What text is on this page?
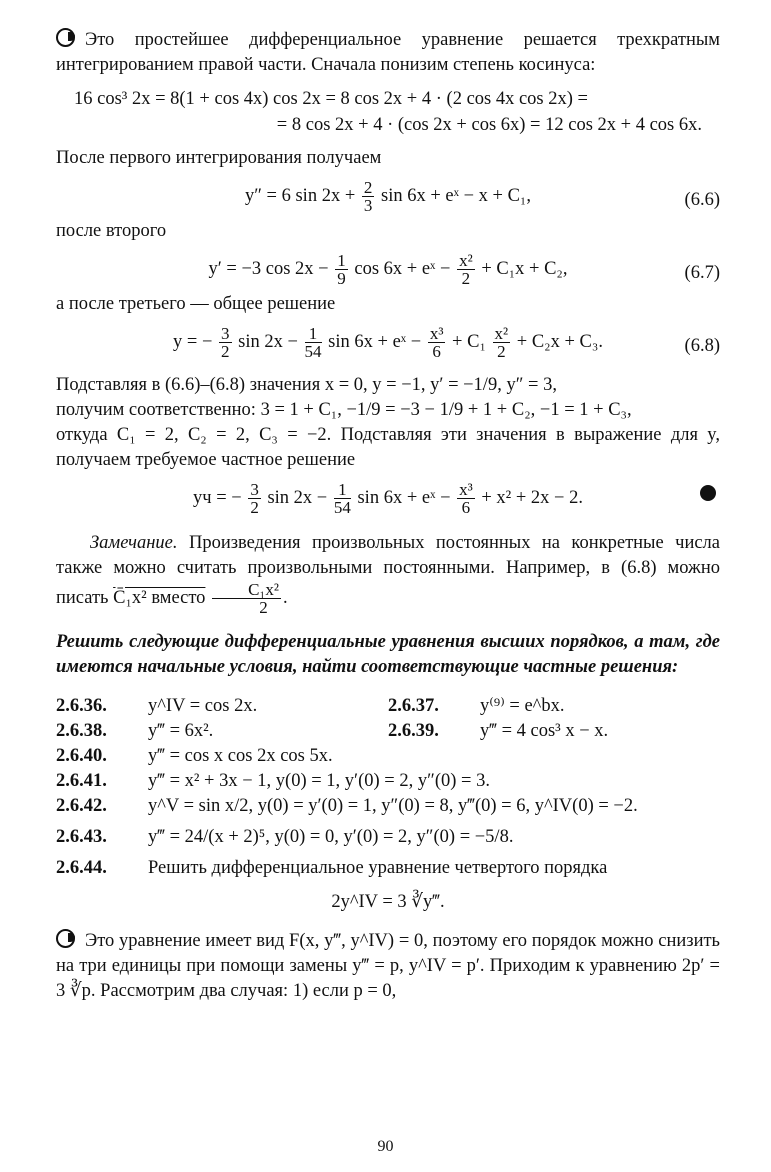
Это простейшее дифференциальное уравнение решается трехкратным интегрированием правой части. Сначала понизим степень косинуса:

16 cos³ 2x = 8(1 + cos 4x) cos 2x = 8 cos 2x + 4 · (2 cos 4x cos 2x) =

= 8 cos 2x + 4 · (cos 2x + cos 6x) = 12 cos 2x + 4 cos 6x.

После первого интегрирования получаем

y″ = 6 $\sin 2x + \frac{2}{3}$ sin 6x + eˣ − x + C₁,	(6.6)

после второго

y′ = −3 $\cos 2x - \frac{1}{9}$ cos 6x + eˣ − $\frac{\text{x²}}{2} + C_1x + C_2$,	(6.7)

а после третьего — общее решение

y = − $\frac{3}{2}$ $\sin 2x - \frac{1}{54}$ sin 6x + eˣ − $\frac{\text{x³}}{6} + C_1 \frac{\text{x²}}{2} + C_2x + C_3$.	(6.8)

Подставляя в (6.6)–(6.8) значения x = 0, y = −1, y′ = −1/9, y″ = 3,

получим соответственно: 3 = 1 + C₁, −1/9 = −3 − 1/9 + 1 + C₂, −1 = 1 + C₃,

откуда C₁ = 2, C₂ = 2, C₃ = −2. Подставляя эти значения в выражение для y, получаем требуемое частное решение

yч = − $\frac{3}{2}$ $\sin 2x - \frac{1}{54}$ sin 6x + eˣ − $\frac{\text{x³}}{6} + x^2 + 2x - 2$.

Замечание. Произведения произвольных постоянных на конкретные числа также можно считать произвольными постоянными. Например, в (6.8) можно писать C̄₁x² вместо $\frac{\text{C₁x²}}{2}$ .

Решить следующие дифференциальные уравнения высших порядков, а там, где имеются начальные условия, найти соответствующие частные решения:

2.6.36.	y^IV = cos 2x.	2.6.37.	y⁽⁹⁾ = e^bx.
2.6.38.	y‴ = 6x².	2.6.39.	y‴ = 4 cos³ x − x.
2.6.40.	y‴ = cos x cos 2x cos 5x.
2.6.41.	y‴ = x² + 3x − 1, y(0) = 1, y′(0) = 2, y″(0) = 3.
2.6.42.	y^V = sin x/2, y(0) = y′(0) = 1, y″(0) = 8, y‴(0) = 6, y^IV(0) = −2.
2.6.43.	y‴ = 24/(x + 2)⁵, y(0) = 0, y′(0) = 2, y″(0) = −5/8.
2.6.44.	Решить дифференциальное уравнение четвертого порядка

2y^IV = 3 ∛y‴.

Это уравнение имеет вид F(x, y‴, y^IV) = 0, поэтому его порядок можно снизить на три единицы при помощи замены y‴ = p, y^IV = p′. Приходим к уравнению 2p′ = 3 ∛p. Рассмотрим два случая: 1) если p = 0,

90
